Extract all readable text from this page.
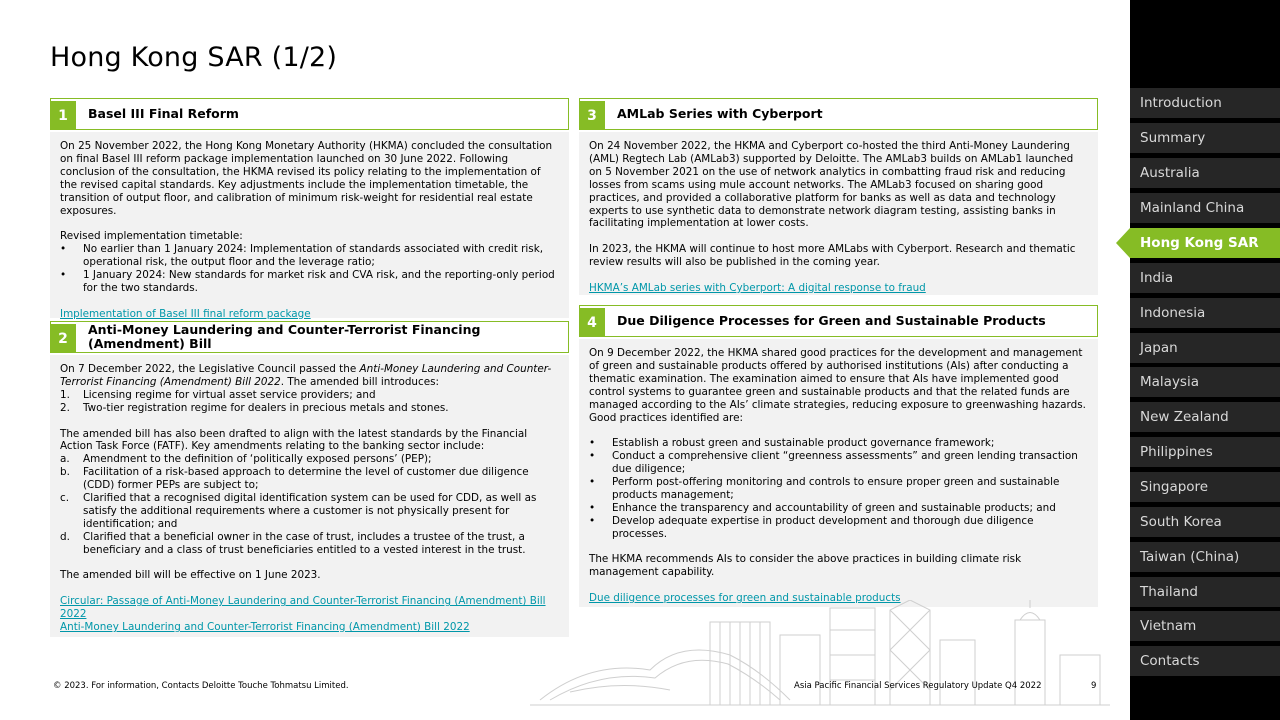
Hong Kong SAR (1/2)
1	Basel III Final Reform

On 25 November 2022, the Hong Kong Monetary Authority (HKMA) concluded the consultation on final Basel III reform package implementation launched on 30 June 2022. Following conclusion of the consultation, the HKMA revised its policy relating to the implementation of the revised capital standards. Key adjustments include the implementation timetable, the transition of output floor, and calibration of minimum risk-weight for residential real estate exposures.

Revised implementation timetable:

• No earlier than 1 January 2024: Implementation of standards associated with credit risk, operational risk, the output floor and the leverage ratio;
• 1 January 2024: New standards for market risk and CVA risk, and the reporting-only period for the two standards.
Implementation of Basel III final reform package
2
Anti-Money Laundering and Counter-Terrorist Financing (Amendment) Bill

On 7 December 2022, the Legislative Council passed the Anti-Money Laundering and Counter-Terrorist Financing (Amendment) Bill 2022. The amended bill introduces:

1. Licensing regime for virtual asset service providers; and
2. Two-tier registration regime for dealers in precious metals and stones.

The amended bill has also been drafted to align with the latest standards by the Financial Action Task Force (FATF). Key amendments relating to the banking sector include:

a. Amendment to the definition of ‘politically exposed persons’ (PEP);
b. Facilitation of a risk-based approach to determine the level of customer due diligence (CDD) former PEPs are subject to;
c. Clarified that a recognised digital identification system can be used for CDD, as well as satisfy the additional requirements where a customer is not physically present for identification; and
d. Clarified that a beneficial owner in the case of trust, includes a trustee of the trust, a beneficiary and a class of trust beneficiaries entitled to a vested interest in the trust.

The amended bill will be effective on 1 June 2023.

Circular: Passage of Anti-Money Laundering and Counter-Terrorist Financing (Amendment) Bill 2022
Anti-Money Laundering and Counter-Terrorist Financing (Amendment) Bill 2022
3	AMLab Series with Cyberport

On 24 November 2022, the HKMA and Cyberport co-hosted the third Anti-Money Laundering (AML) Regtech Lab (AMLab3) supported by Deloitte. The AMLab3 builds on AMLab1 launched on 5 November 2021 on the use of network analytics in combatting fraud risk and reducing losses from scams using mule account networks. The AMLab3 focused on sharing good practices, and provided a collaborative platform for banks as well as data and technology experts to use synthetic data to demonstrate network diagram testing, assisting banks in facilitating implementation at lower costs.

In 2023, the HKMA will continue to host more AMLabs with Cyberport. Research and thematic review results will also be published in the coming year.

HKMA’s AMLab series with Cyberport: A digital response to fraud
4	Due Diligence Processes for Green and Sustainable Products

On 9 December 2022, the HKMA shared good practices for the development and management of green and sustainable products offered by authorised institutions (AIs) after conducting a thematic examination. The examination aimed to ensure that AIs have implemented good control systems to guarantee green and sustainable products and that the related funds are managed according to the AIs’ climate strategies, reducing exposure to greenwashing hazards. Good practices identified are:

• Establish a robust green and sustainable product governance framework;
• Conduct a comprehensive client “greenness assessments” and green lending transaction due diligence;
• Perform post-offering monitoring and controls to ensure proper green and sustainable products management;
• Enhance the transparency and accountability of green and sustainable products; and
• Develop adequate expertise in product development and thorough due diligence processes.

The HKMA recommends AIs to consider the above practices in building climate risk management capability.

Due diligence processes for green and sustainable products
© 2023. For information, Contacts Deloitte Touche Tohmatsu Limited.	Asia Pacific Financial Services Regulatory Update Q4 2022	9
Introduction
Summary
Australia
Mainland China
Hong Kong SAR
India
Indonesia
Japan
Malaysia
New Zealand
Philippines
Singapore
South Korea
Taiwan (China)
Thailand
Vietnam
Contacts
